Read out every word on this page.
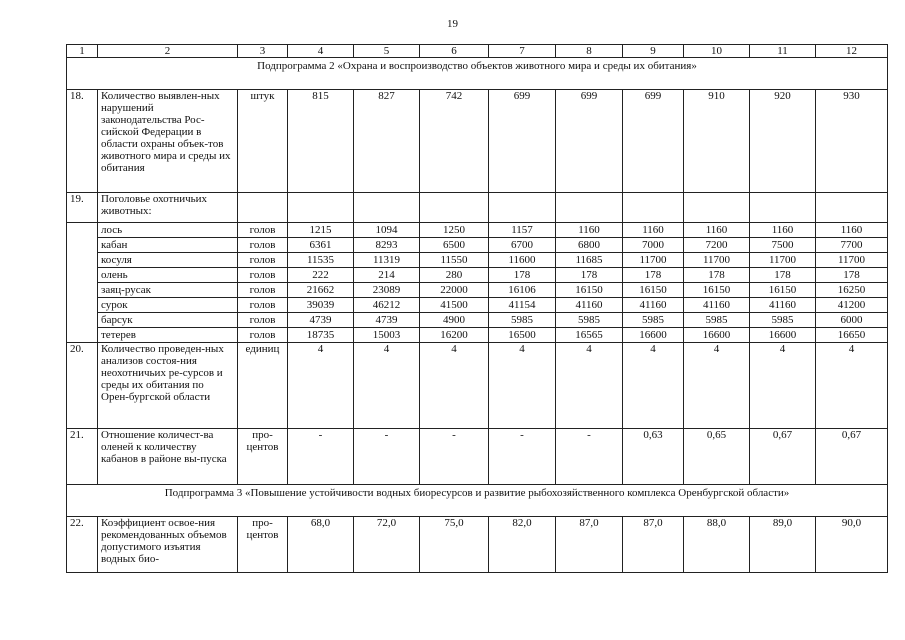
19
1	2	3	4	5	6	7	8	9	10	11	12
Подпрограмма 2 «Охрана и воспроизводство объектов животного мира и среды их обитания»											
18.	Количество выявлен-ных нарушений законодательства Рос-сийской Федерации в области охраны объек-тов животного мира и среды их обитания	штук	815	827	742	699	699	699	910	920	930
19.	Поголовье охотничьих животных:										
	лось	голов	1215	1094	1250	1157	1160	1160	1160	1160	1160
	кабан	голов	6361	8293	6500	6700	6800	7000	7200	7500	7700
	косуля	голов	11535	11319	11550	11600	11685	11700	11700	11700	11700
	олень	голов	222	214	280	178	178	178	178	178	178
	заяц-русак	голов	21662	23089	22000	16106	16150	16150	16150	16150	16250
	сурок	голов	39039	46212	41500	41154	41160	41160	41160	41160	41200
	барсук	голов	4739	4739	4900	5985	5985	5985	5985	5985	6000
	тетерев	голов	18735	15003	16200	16500	16565	16600	16600	16600	16650
20.	Количество проведен-ных анализов состоя-ния неохотничьих ре-сурсов и среды их обитания по Орен-бургской области	единиц	4	4	4	4	4	4	4	4	4
21.	Отношение количест-ва оленей к количеству кабанов в районе вы-пуска	про-центов	-	-	-	-	-	0,63	0,65	0,67	0,67
Подпрограмма 3 «Повышение устойчивости водных биоресурсов и развитие рыбохозяйственного комплекса Оренбургской области»											
22.	Коэффициент освое-ния рекомендованных объемов допустимого изъятия водных био-	про-центов	68,0	72,0	75,0	82,0	87,0	87,0	88,0	89,0	90,0
